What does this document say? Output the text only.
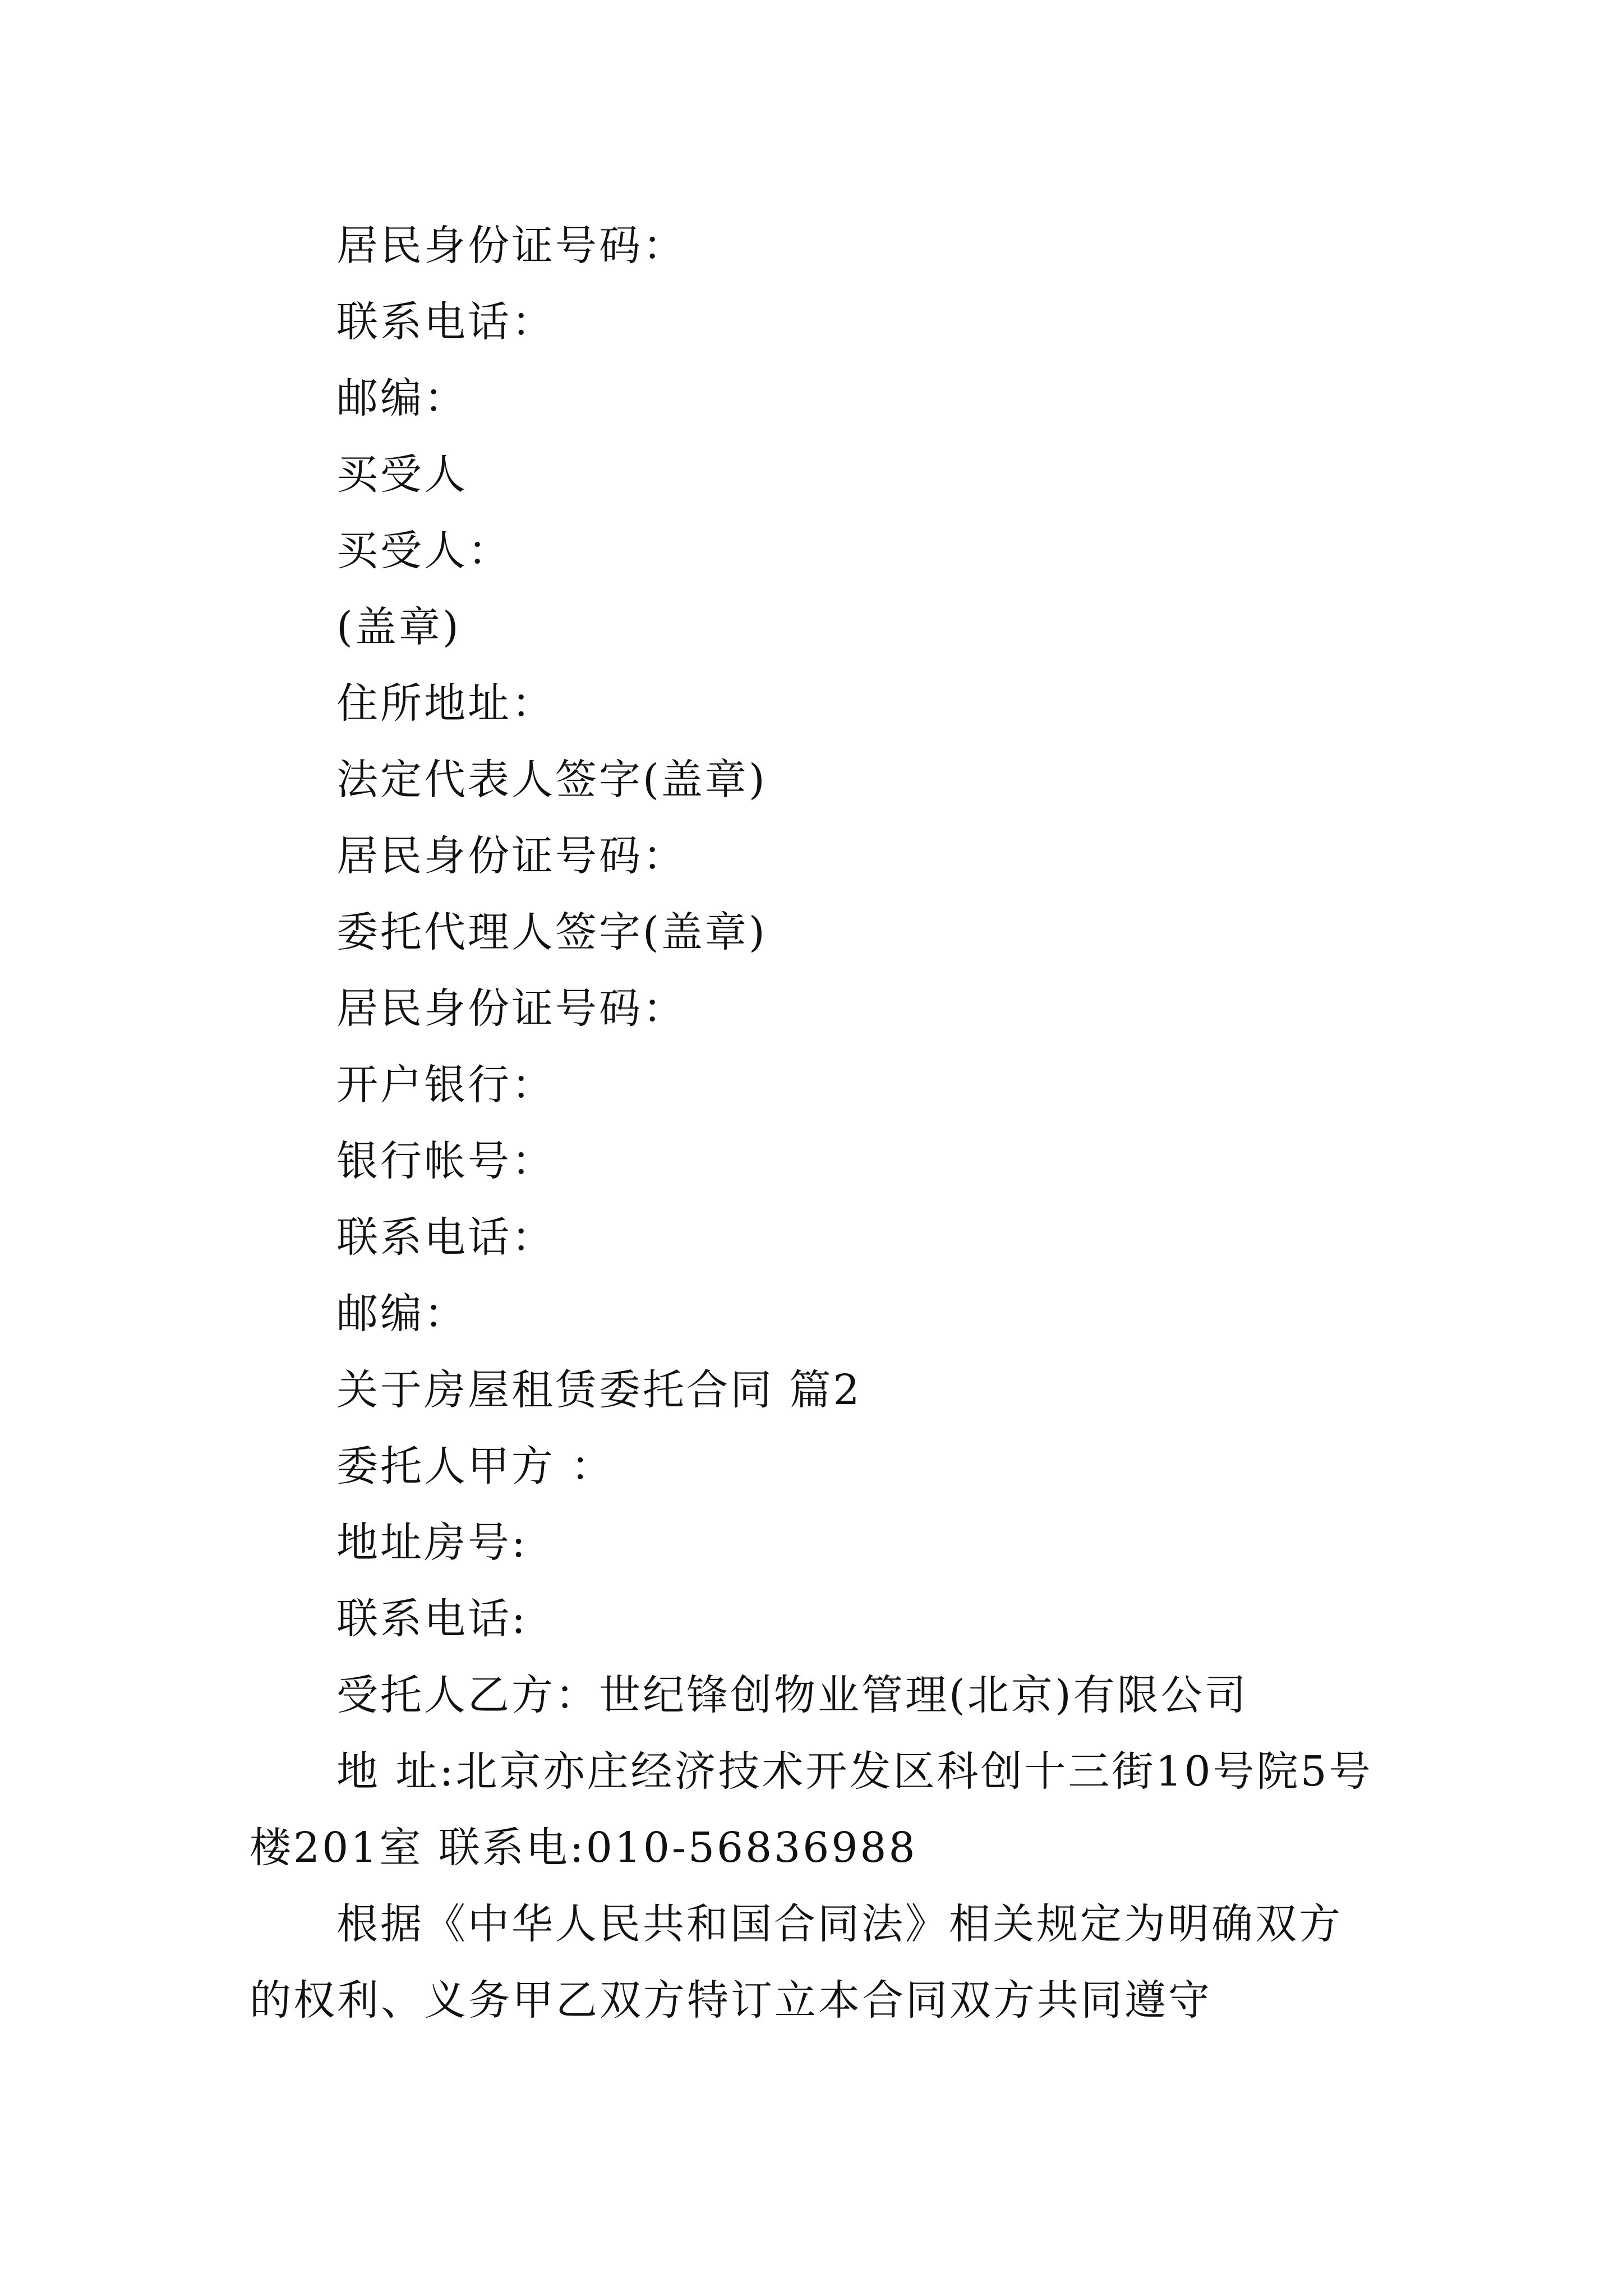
居民身份证号码：

联系电话：

邮编：

买受人

买受人：

(盖章)

住所地址：

法定代表人签字(盖章)

居民身份证号码：

委托代理人签字(盖章)

居民身份证号码：

开户银行：

银行帐号：

联系电话：

邮编：

关于房屋租赁委托合同 篇2

委托人甲方 ：

地址房号:

联系电话:

受托人乙方：世纪锋创物业管理(北京)有限公司

地 址:北京亦庄经济技术开发区科创十三街10号院5号楼201室 联系电:010-56836988

根据《中华人民共和国合同法》相关规定为明确双方的权利、义务甲乙双方特订立本合同双方共同遵守
